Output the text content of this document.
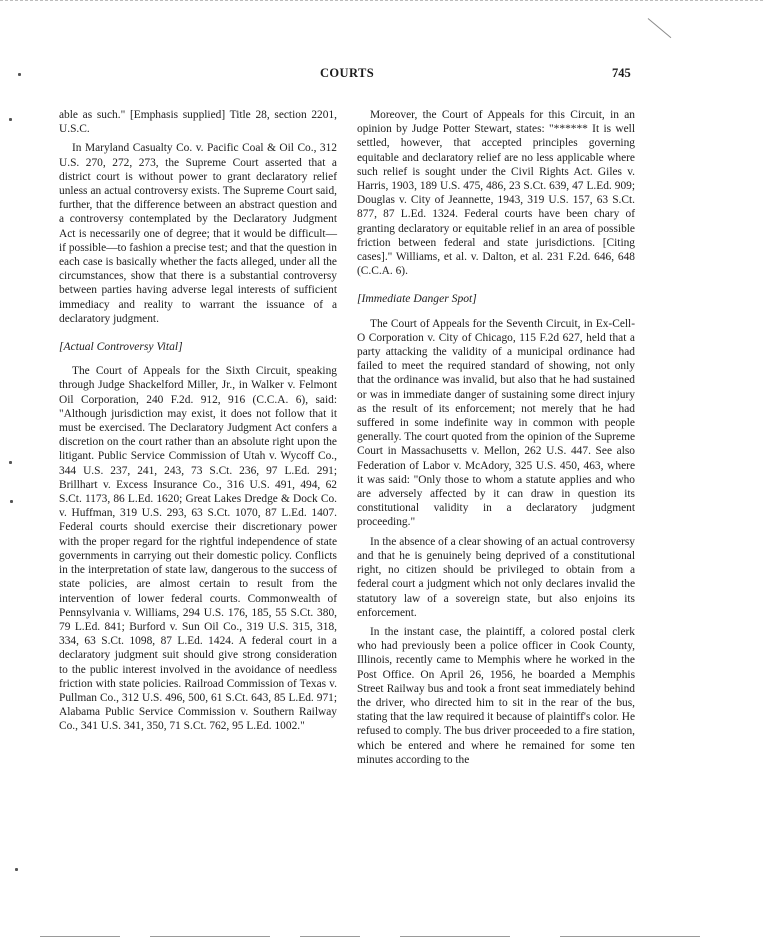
COURTS	745

able as such." [Emphasis supplied] Title 28, section 2201, U.S.C.

In Maryland Casualty Co. v. Pacific Coal & Oil Co., 312 U.S. 270, 272, 273, the Supreme Court asserted that a district court is without power to grant declaratory relief unless an actual controversy exists. The Supreme Court said, further, that the difference between an abstract question and a controversy contemplated by the Declaratory Judgment Act is necessarily one of degree; that it would be difficult—if possible—to fashion a precise test; and that the question in each case is basically whether the facts alleged, under all the circumstances, show that there is a substantial controversy between parties having adverse legal interests of sufficient immediacy and reality to warrant the issuance of a declaratory judgment.

[Actual Controversy Vital]

The Court of Appeals for the Sixth Circuit, speaking through Judge Shackelford Miller, Jr., in Walker v. Felmont Oil Corporation, 240 F.2d. 912, 916 (C.C.A. 6), said: "Although jurisdiction may exist, it does not follow that it must be exercised. The Declaratory Judgment Act confers a discretion on the court rather than an absolute right upon the litigant. Public Service Commission of Utah v. Wycoff Co., 344 U.S. 237, 241, 243, 73 S.Ct. 236, 97 L.Ed. 291; Brillhart v. Excess Insurance Co., 316 U.S. 491, 494, 62 S.Ct. 1173, 86 L.Ed. 1620; Great Lakes Dredge & Dock Co. v. Huffman, 319 U.S. 293, 63 S.Ct. 1070, 87 L.Ed. 1407. Federal courts should exercise their discretionary power with the proper regard for the rightful independence of state governments in carrying out their domestic policy. Conflicts in the interpretation of state law, dangerous to the success of state policies, are almost certain to result from the intervention of lower federal courts. Commonwealth of Pennsylvania v. Williams, 294 U.S. 176, 185, 55 S.Ct. 380, 79 L.Ed. 841; Burford v. Sun Oil Co., 319 U.S. 315, 318, 334, 63 S.Ct. 1098, 87 L.Ed. 1424. A federal court in a declaratory judgment suit should give strong consideration to the public interest involved in the avoidance of needless friction with state policies. Railroad Commission of Texas v. Pullman Co., 312 U.S. 496, 500, 61 S.Ct. 643, 85 L.Ed. 971; Alabama Public Service Commission v. Southern Railway Co., 341 U.S. 341, 350, 71 S.Ct. 762, 95 L.Ed. 1002."

Moreover, the Court of Appeals for this Circuit, in an opinion by Judge Potter Stewart, states: "****** It is well settled, however, that accepted principles governing equitable and declaratory relief are no less applicable where such relief is sought under the Civil Rights Act. Giles v. Harris, 1903, 189 U.S. 475, 486, 23 S.Ct. 639, 47 L.Ed. 909; Douglas v. City of Jeannette, 1943, 319 U.S. 157, 63 S.Ct. 877, 87 L.Ed. 1324. Federal courts have been chary of granting declaratory or equitable relief in an area of possible friction between federal and state jurisdictions. [Citing cases]." Williams, et al. v. Dalton, et al. 231 F.2d. 646, 648 (C.C.A. 6).

[Immediate Danger Spot]

The Court of Appeals for the Seventh Circuit, in Ex-Cell-O Corporation v. City of Chicago, 115 F.2d 627, held that a party attacking the validity of a municipal ordinance had failed to meet the required standard of showing, not only that the ordinance was invalid, but also that he had sustained or was in immediate danger of sustaining some direct injury as the result of its enforcement; not merely that he had suffered in some indefinite way in common with people generally. The court quoted from the opinion of the Supreme Court in Massachusetts v. Mellon, 262 U.S. 447. See also Federation of Labor v. McAdory, 325 U.S. 450, 463, where it was said: "Only those to whom a statute applies and who are adversely affected by it can draw in question its constitutional validity in a declaratory judgment proceeding."

In the absence of a clear showing of an actual controversy and that he is genuinely being deprived of a constitutional right, no citizen should be privileged to obtain from a federal court a judgment which not only declares invalid the statutory law of a sovereign state, but also enjoins its enforcement.

In the instant case, the plaintiff, a colored postal clerk who had previously been a police officer in Cook County, Illinois, recently came to Memphis where he worked in the Post Office. On April 26, 1956, he boarded a Memphis Street Railway bus and took a front seat immediately behind the driver, who directed him to sit in the rear of the bus, stating that the law required it because of plaintiff's color. He refused to comply. The bus driver proceeded to a fire station, which be entered and where he remained for some ten minutes according to the
